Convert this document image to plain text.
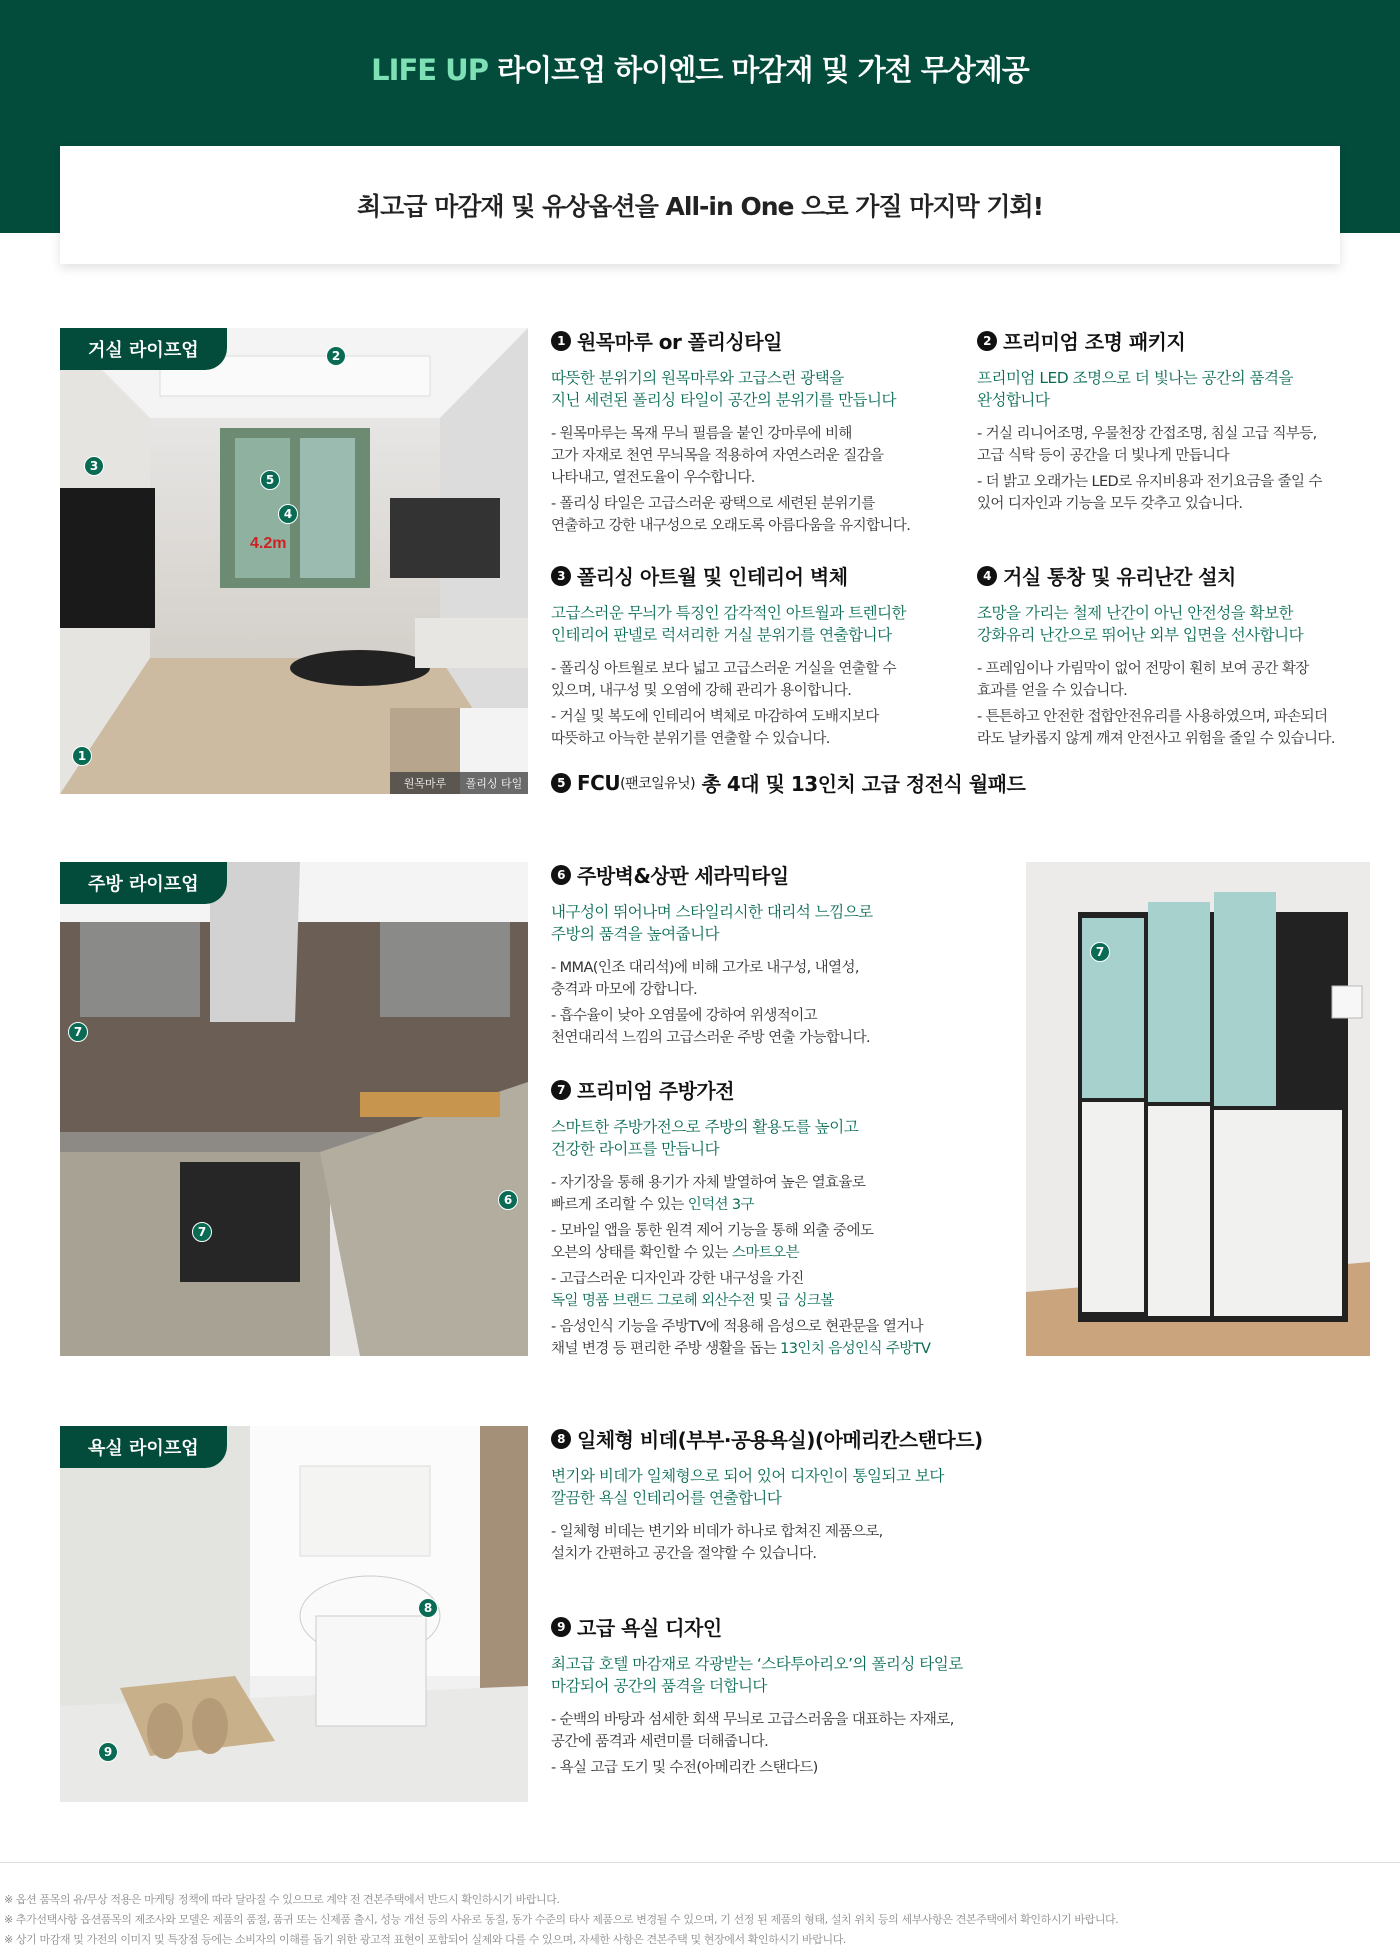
LIFE UP 라이프업 하이엔드 마감재 및 가전 무상제공
최고급 마감재 및 유상옵션을 All-in One 으로 가질 마지막 기회!
4.2m
거실 라이프업
원목마루	폴리싱 타일
1
2
3
4
5
1 원목마루 or 폴리싱타일
따뜻한 분위기의 원목마루와 고급스런 광택을
지닌 세련된 폴리싱 타일이 공간의 분위기를 만듭니다
- 원목마루는 목재 무늬 필름을 붙인 강마루에 비해
고가 자재로 천연 무늬목을 적용하여 자연스러운 질감을
나타내고, 열전도율이 우수합니다.
- 폴리싱 타일은 고급스러운 광택으로 세련된 분위기를
연출하고 강한 내구성으로 오래도록 아름다움을 유지합니다.
2 프리미엄 조명 패키지
프리미엄 LED 조명으로 더 빛나는 공간의 품격을
완성합니다
- 거실 리니어조명, 우물천장 간접조명, 침실 고급 직부등,
고급 식탁 등이 공간을 더 빛나게 만듭니다
- 더 밝고 오래가는 LED로 유지비용과 전기요금을 줄일 수
있어 디자인과 기능을 모두 갖추고 있습니다.
3 폴리싱 아트월 및 인테리어 벽체
고급스러운 무늬가 특징인 감각적인 아트월과 트렌디한
인테리어 판넬로 럭셔리한 거실 분위기를 연출합니다
- 폴리싱 아트월로 보다 넓고 고급스러운 거실을 연출할 수
있으며, 내구성 및 오염에 강해 관리가 용이합니다.
- 거실 및 복도에 인테리어 벽체로 마감하여 도배지보다
따뜻하고 아늑한 분위기를 연출할 수 있습니다.
4 거실 통창 및 유리난간 설치
조망을 가리는 철제 난간이 아닌 안전성을 확보한
강화유리 난간으로 뛰어난 외부 입면을 선사합니다
- 프레임이나 가림막이 없어 전망이 훤히 보여 공간 확장
효과를 얻을 수 있습니다.
- 튼튼하고 안전한 접합안전유리를 사용하였으며, 파손되더
라도 날카롭지 않게 깨져 안전사고 위험을 줄일 수 있습니다.
5 FCU (팬코일유닛)
총 4대 및 13인치 고급 정전식 월패드
주방 라이프업
7
6
7
6 주방벽&상판 세라믹타일
내구성이 뛰어나며 스타일리시한 대리석 느낌으로
주방의 품격을 높여줍니다
- MMA(인조 대리석)에 비해 고가로 내구성, 내열성,
충격과 마모에 강합니다.
- 흡수율이 낮아 오염물에 강하여 위생적이고
천연대리석 느낌의 고급스러운 주방 연출 가능합니다.
7 프리미엄 주방가전
스마트한 주방가전으로 주방의 활용도를 높이고
건강한 라이프를 만듭니다
- 자기장을 통해 용기가 자체 발열하여 높은 열효율로
빠르게 조리할 수 있는 인덕션 3구
- 모바일 앱을 통한 원격 제어 기능을 통해 외출 중에도
오븐의 상태를 확인할 수 있는 스마트오븐
- 고급스러운 디자인과 강한 내구성을 가진
독일 명품 브랜드 그로헤 외산수전 및 급 싱크볼
- 음성인식 기능을 주방TV에 적용해 음성으로 현관문을 열거나
채널 변경 등 편리한 주방 생활을 돕는 13인치 음성인식 주방TV
7
욕실 라이프업
8
9
8 일체형 비데(부부·공용욕실)(아메리칸스탠다드)
변기와 비데가 일체형으로 되어 있어 디자인이 통일되고 보다
깔끔한 욕실 인테리어를 연출합니다
- 일체형 비데는 변기와 비데가 하나로 합쳐진 제품으로,
설치가 간편하고 공간을 절약할 수 있습니다.
9 고급 욕실 디자인
최고급 호텔 마감재로 각광받는 ‘스타투아리오’의 폴리싱 타일로
마감되어 공간의 품격을 더합니다
- 순백의 바탕과 섬세한 회색 무늬로 고급스러움을 대표하는 자재로,
공간에 품격과 세련미를 더해줍니다.
- 욕실 고급 도기 및 수전(아메리칸 스탠다드)
※ 옵션 품목의 유/무상 적용은 마케팅 정책에 따라 달라질 수 있으므로 계약 전 견본주택에서 반드시 확인하시기 바랍니다.
※ 추가선택사항 옵션품목의 제조사와 모델은 제품의 품절, 품귀 또는 신제품 출시, 성능 개선 등의 사유로 동질, 동가 수준의 타사 제품으로 변경될 수 있으며, 기 선정 된 제품의 형태, 설치 위치 등의 세부사항은 견본주택에서 확인하시기 바랍니다.
※ 상기 마감재 및 가전의 이미지 및 특장점 등에는 소비자의 이해를 돕기 위한 광고적 표현이 포함되어 실제와 다를 수 있으며, 자세한 사항은 견본주택 및 현장에서 확인하시기 바랍니다.
